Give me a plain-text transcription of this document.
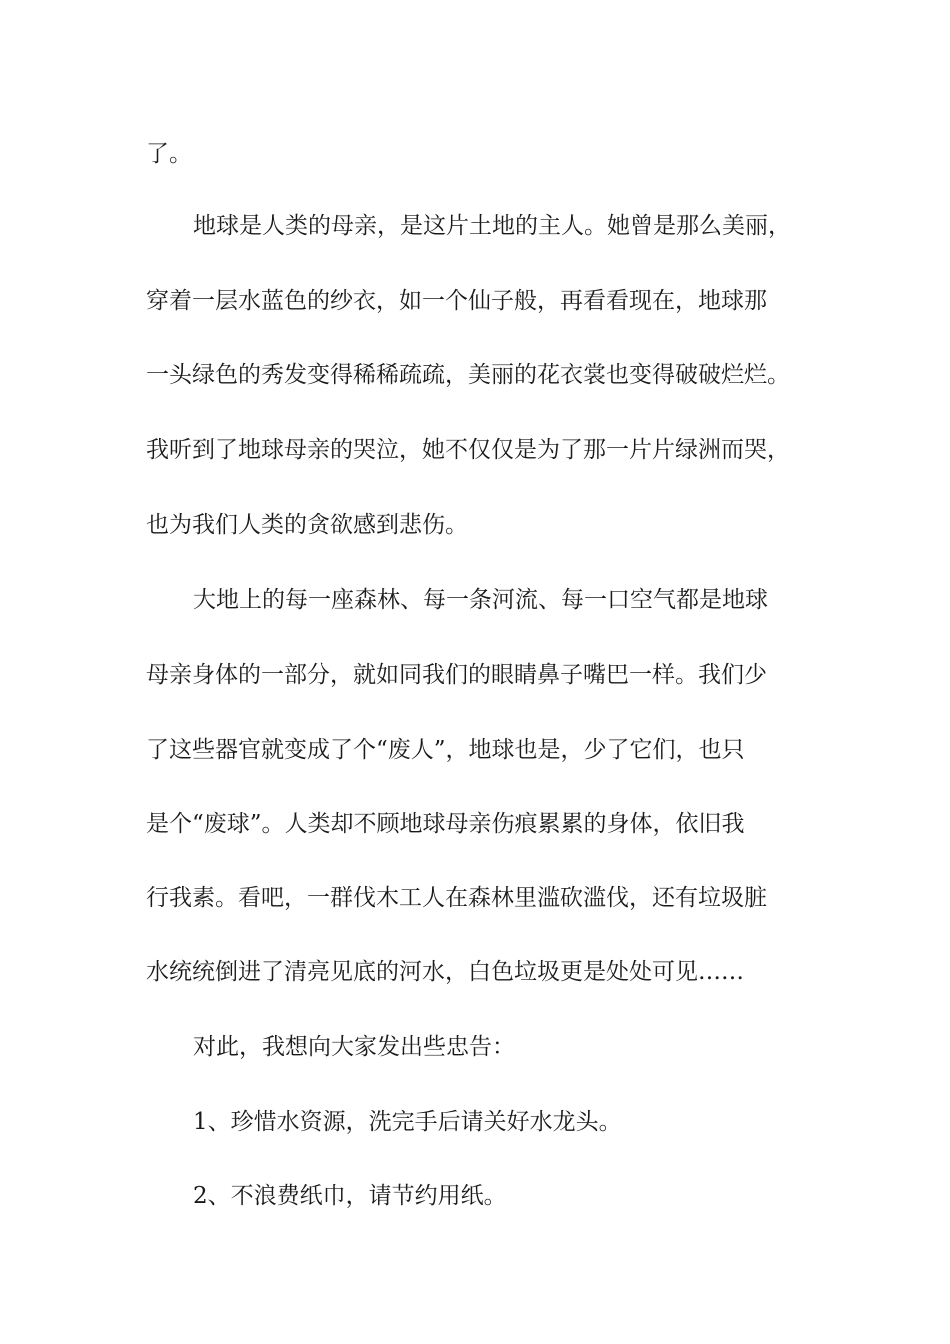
了。
地球是人类的母亲，是这片土地的主人。她曾是那么美丽，
穿着一层水蓝色的纱衣，如一个仙子般，再看看现在，地球那
一头绿色的秀发变得稀稀疏疏，美丽的花衣裳也变得破破烂烂。
我听到了地球母亲的哭泣，她不仅仅是为了那一片片绿洲而哭，
也为我们人类的贪欲感到悲伤。
大地上的每一座森林、每一条河流、每一口空气都是地球
母亲身体的一部分，就如同我们的眼睛鼻子嘴巴一样。我们少
了这些器官就变成了个“废人”，地球也是，少了它们，也只
是个“废球”。人类却不顾地球母亲伤痕累累的身体，依旧我
行我素。看吧，一群伐木工人在森林里滥砍滥伐，还有垃圾脏
水统统倒进了清亮见底的河水，白色垃圾更是处处可见……
对此，我想向大家发出些忠告：
1、珍惜水资源，洗完手后请关好水龙头。
2、不浪费纸巾，请节约用纸。
